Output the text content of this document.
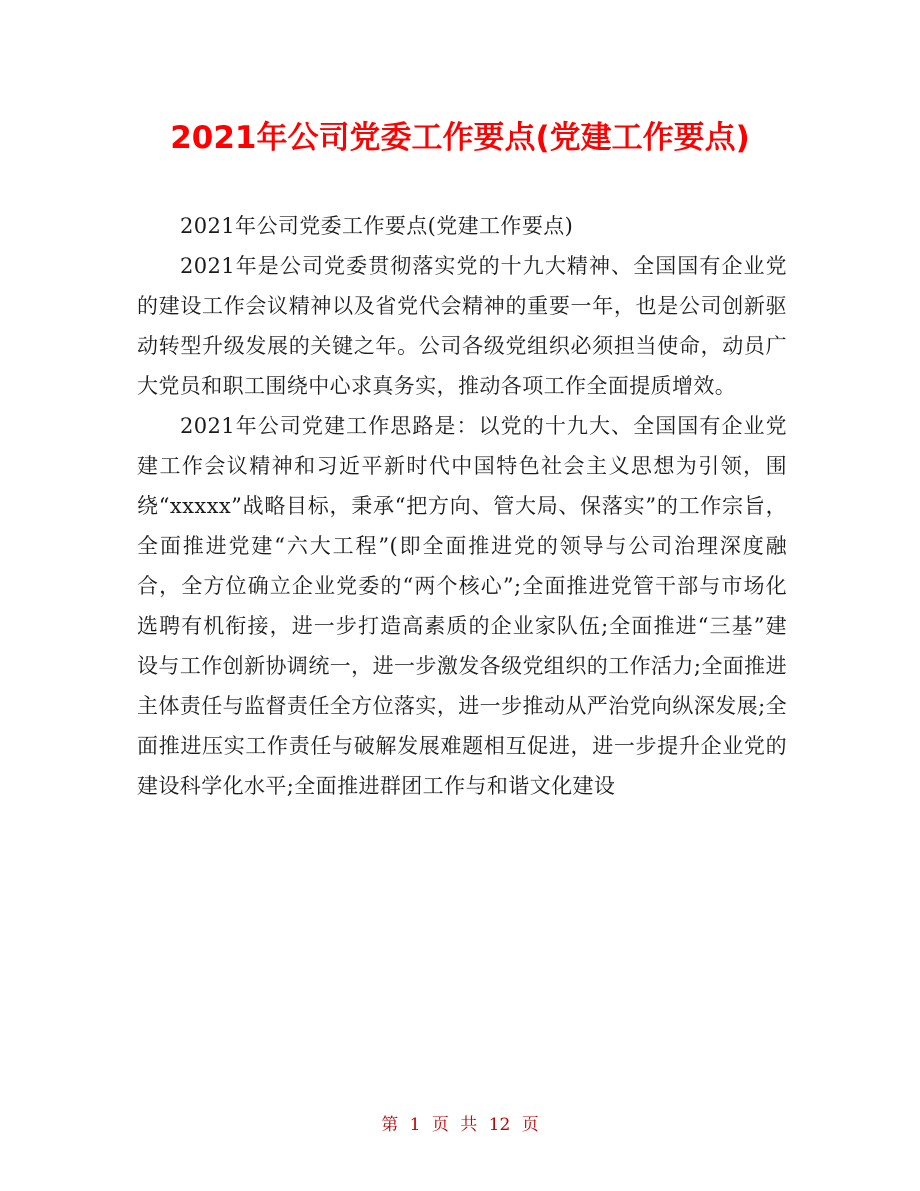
2021年公司党委工作要点(党建工作要点)

2021年公司党委工作要点(党建工作要点)

2021年是公司党委贯彻落实党的十九大精神、全国国有企业党的建设工作会议精神以及省党代会精神的重要一年，也是公司创新驱动转型升级发展的关键之年。公司各级党组织必须担当使命，动员广大党员和职工围绕中心求真务实，推动各项工作全面提质增效。

2021年公司党建工作思路是：以党的十九大、全国国有企业党建工作会议精神和习近平新时代中国特色社会主义思想为引领，围绕“xxxxx”战略目标，秉承“把方向、管大局、保落实”的工作宗旨，全面推进党建“六大工程”(即全面推进党的领导与公司治理深度融合，全方位确立企业党委的“两个核心”;全面推进党管干部与市场化选聘有机衔接，进一步打造高素质的企业家队伍;全面推进“三基”建设与工作创新协调统一，进一步激发各级党组织的工作活力;全面推进主体责任与监督责任全方位落实，进一步推动从严治党向纵深发展;全面推进压实工作责任与破解发展难题相互促进，进一步提升企业党的建设科学化水平;全面推进群团工作与和谐文化建设

第 1 页 共 12 页
